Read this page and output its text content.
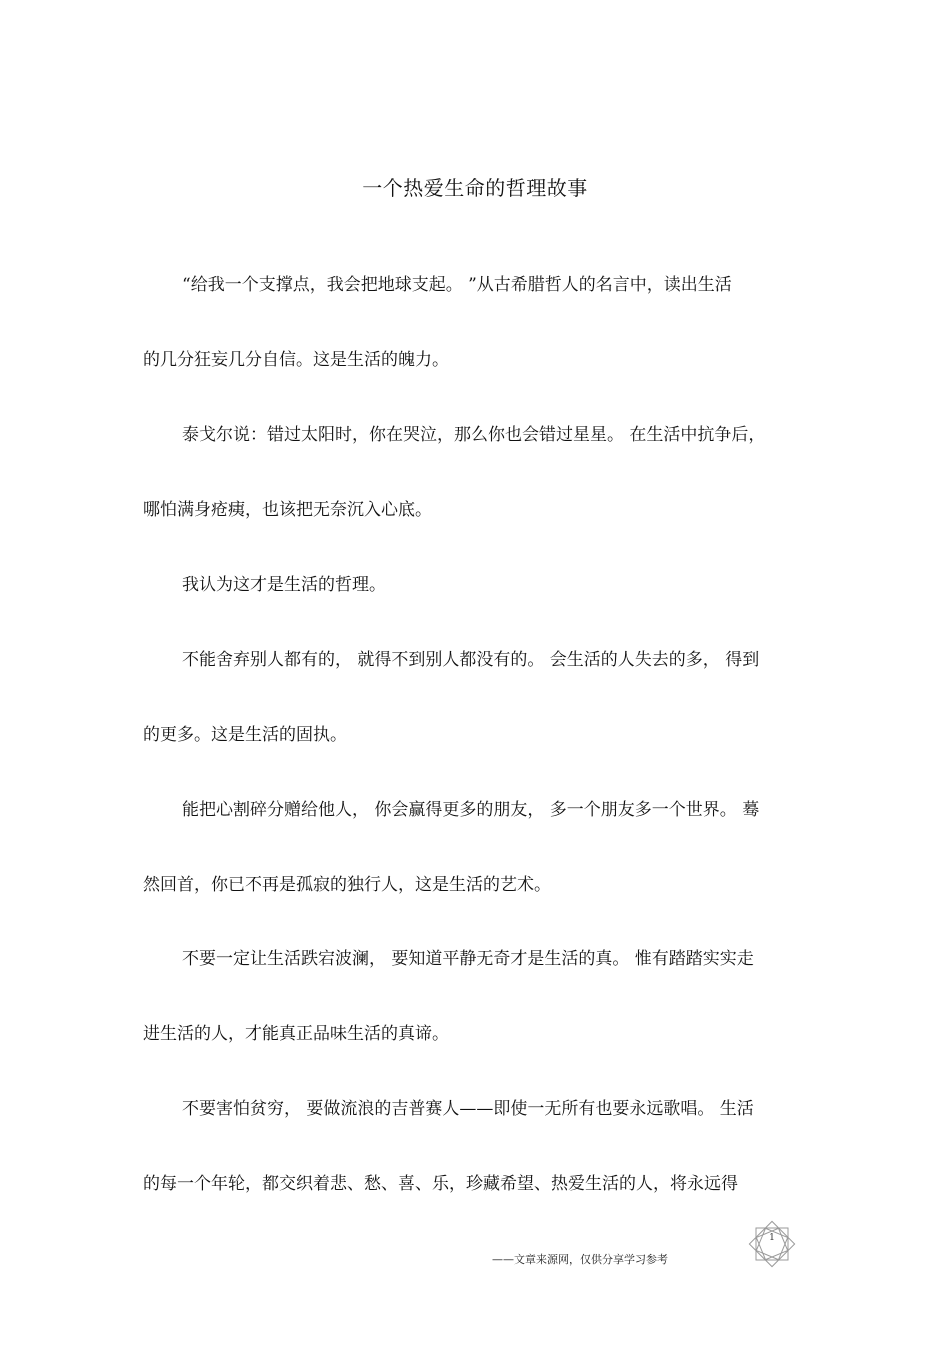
一个热爱生命的哲理故事
“给我一个支撑点，我会把地球支起。 ”从古希腊哲人的名言中，读出生活
的几分狂妄几分自信。这是生活的魄力。
泰戈尔说：错过太阳时，你在哭泣，那么你也会错过星星。 在生活中抗争后，
哪怕满身疮痍，也该把无奈沉入心底。
我认为这才是生活的哲理。
不能舍弃别人都有的， 就得不到别人都没有的。 会生活的人失去的多， 得到
的更多。这是生活的固执。
能把心割碎分赠给他人， 你会赢得更多的朋友， 多一个朋友多一个世界。 蓦
然回首，你已不再是孤寂的独行人，这是生活的艺术。
不要一定让生活跌宕波澜， 要知道平静无奇才是生活的真。 惟有踏踏实实走
进生活的人，才能真正品味生活的真谛。
不要害怕贫穷， 要做流浪的吉普赛人——即使一无所有也要永远歌唱。 生活
的每一个年轮，都交织着悲、愁、喜、乐，珍藏希望、热爱生活的人，将永远得
——文章来源网，仅供分享学习参考
1
